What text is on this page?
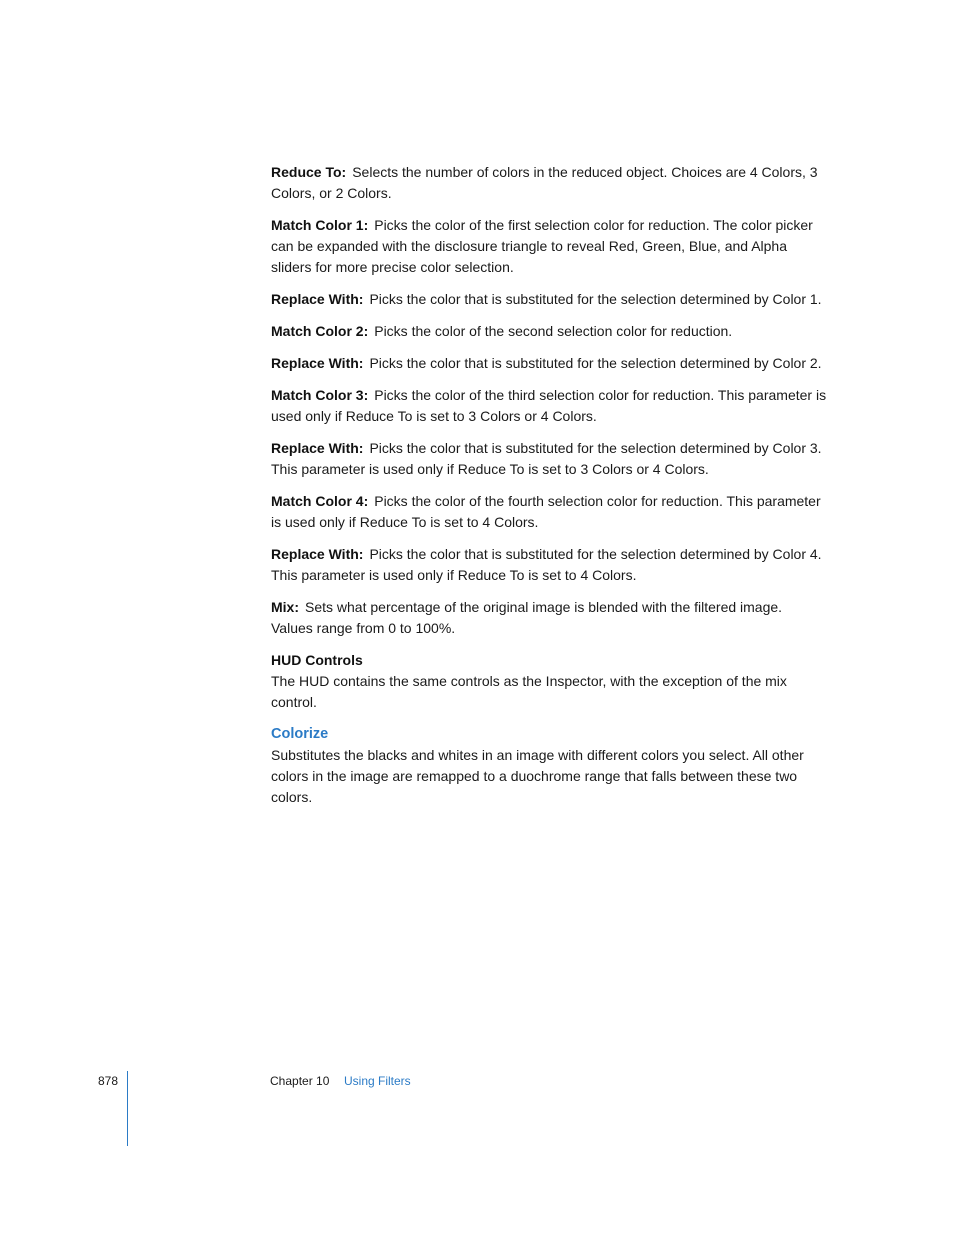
Reduce To: Selects the number of colors in the reduced object. Choices are 4 Colors, 3 Colors, or 2 Colors.

Match Color 1: Picks the color of the first selection color for reduction. The color picker can be expanded with the disclosure triangle to reveal Red, Green, Blue, and Alpha sliders for more precise color selection.

Replace With: Picks the color that is substituted for the selection determined by Color 1.

Match Color 2: Picks the color of the second selection color for reduction.

Replace With: Picks the color that is substituted for the selection determined by Color 2.

Match Color 3: Picks the color of the third selection color for reduction. This parameter is used only if Reduce To is set to 3 Colors or 4 Colors.

Replace With: Picks the color that is substituted for the selection determined by Color 3. This parameter is used only if Reduce To is set to 3 Colors or 4 Colors.

Match Color 4: Picks the color of the fourth selection color for reduction. This parameter is used only if Reduce To is set to 4 Colors.

Replace With: Picks the color that is substituted for the selection determined by Color 4. This parameter is used only if Reduce To is set to 4 Colors.

Mix: Sets what percentage of the original image is blended with the filtered image. Values range from 0 to 100%.

HUD Controls

The HUD contains the same controls as the Inspector, with the exception of the mix control.

Colorize

Substitutes the blacks and whites in an image with different colors you select. All other colors in the image are remapped to a duochrome range that falls between these two colors.

878	Chapter 10 Using Filters
